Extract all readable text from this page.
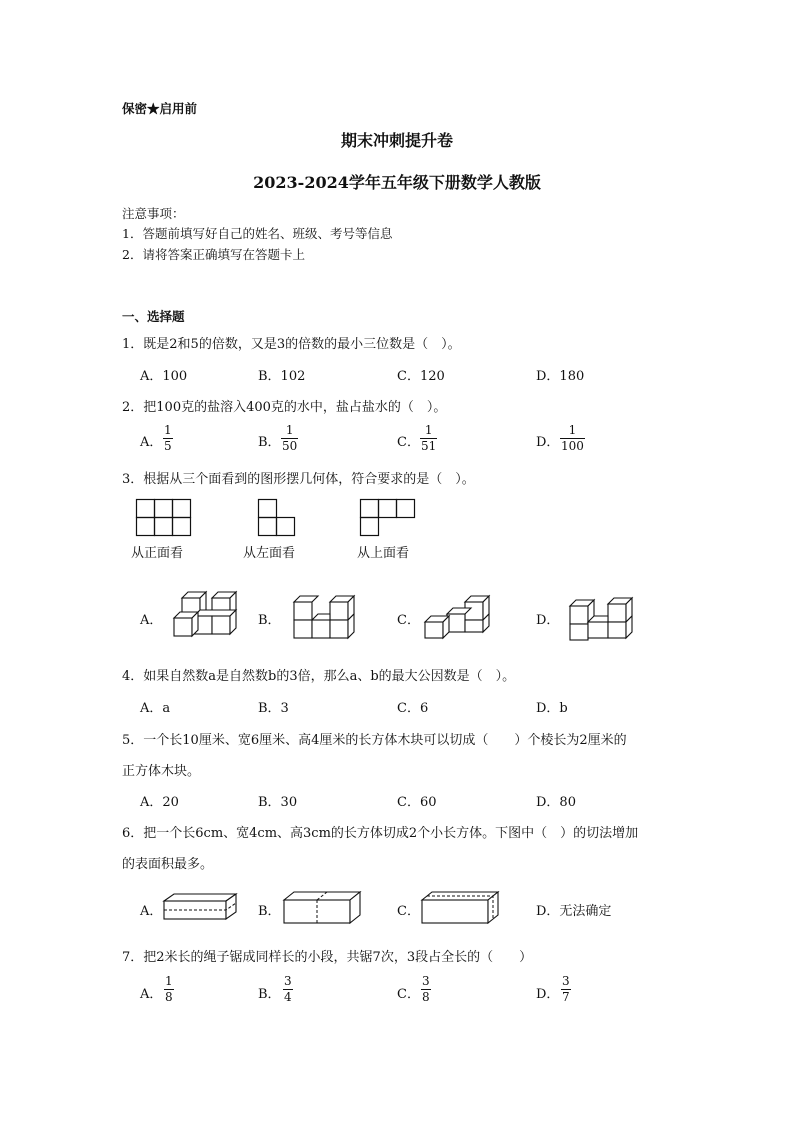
保密★启用前
期末冲刺提升卷
2023-2024学年五年级下册数学人教版
注意事项：
1．答题前填写好自己的姓名、班级、考号等信息
2．请将答案正确填写在答题卡上
一、选择题
1．既是2和5的倍数，又是3的倍数的最小三位数是（　）。
A．100	B．102	C．120	D．180
2．把100克的盐溶入400克的水中，盐占盐水的（　）。
A．
1
5	B．
1
50	C．
1
51	D．
1
100
3．根据从三个面看到的图形摆几何体，符合要求的是（　）。
从正面看	从左面看	从上面看
A．	B．	C．	D．
4．如果自然数a是自然数b的3倍，那么a、b的最大公因数是（　）。
A．a	B．3	C．6	D．b
5．一个长10厘米、宽6厘米、高4厘米的长方体木块可以切成（　　）个棱长为2厘米的
正方体木块。
A．20	B．30	C．60	D．80
6．把一个长6cm、宽4cm、高3cm的长方体切成2个小长方体。下图中（　）的切法增加
的表面积最多。
A．	B．	C．	D．无法确定
7．把2米长的绳子锯成同样长的小段，共锯7次，3段占全长的（　　）
A．
1
8	B．
3
4	C．
3
8	D．
3
7
